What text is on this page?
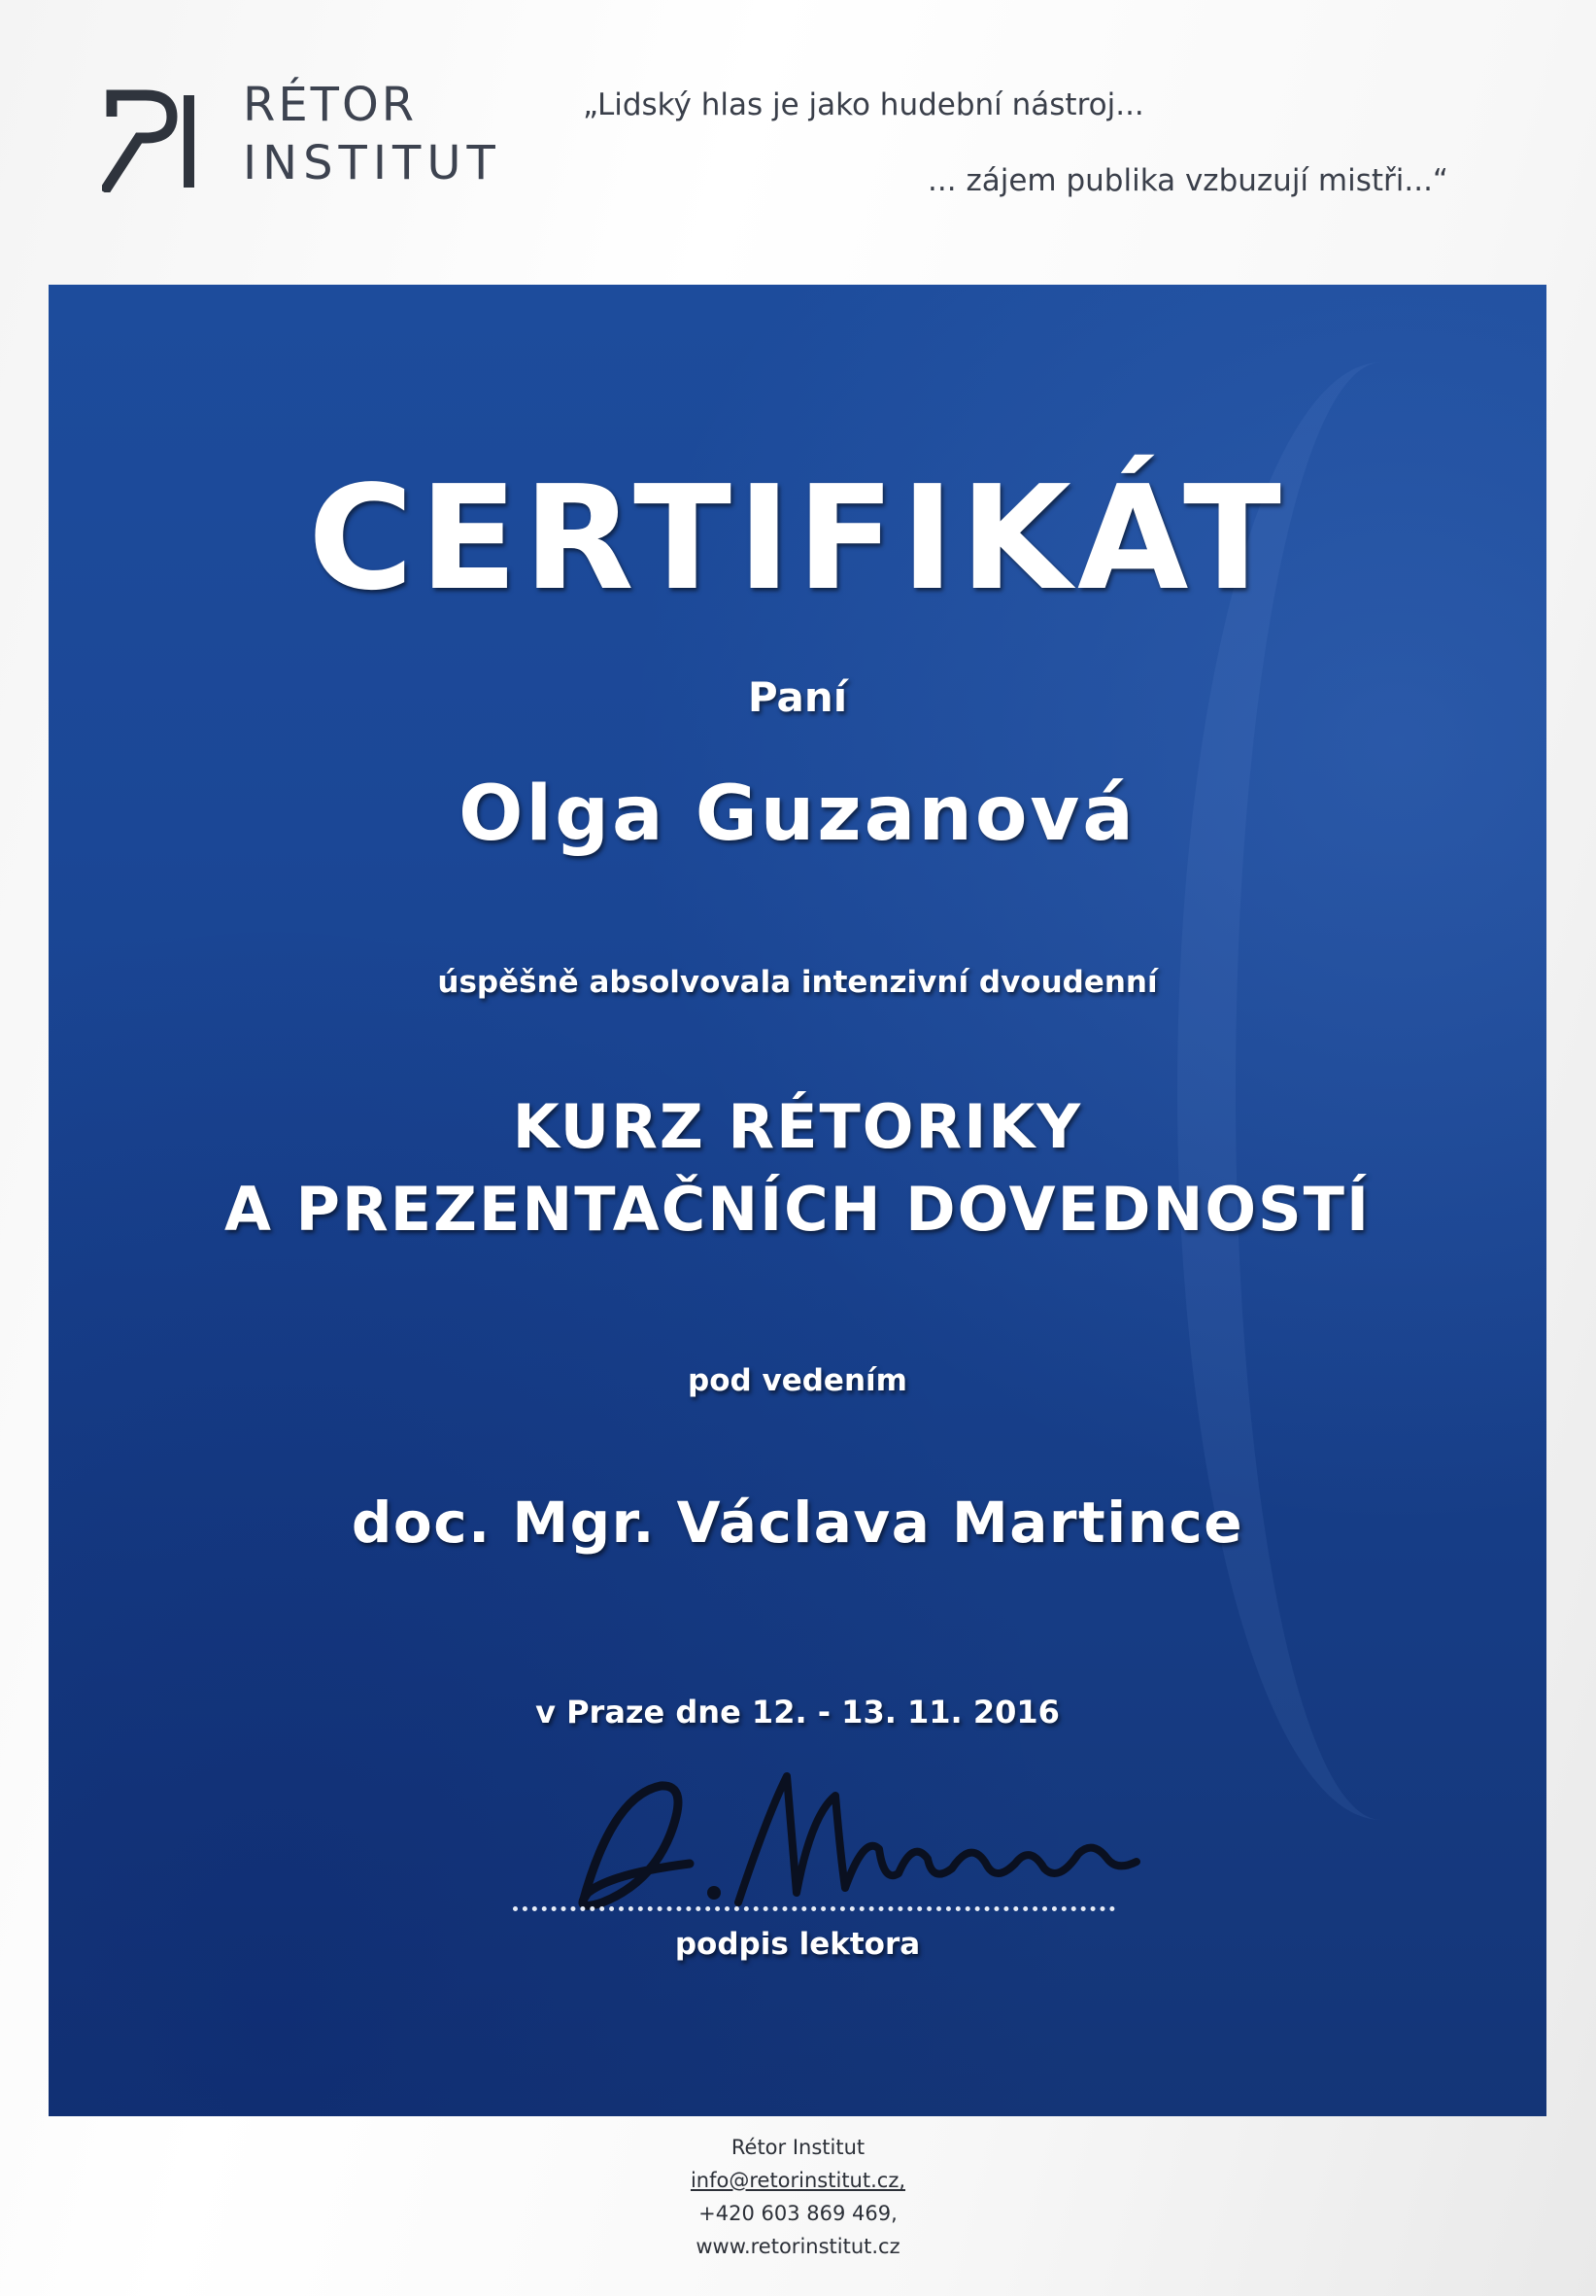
RÉTOR
INSTITUT
„Lidský hlas je jako hudební nástroj...
... zájem publika vzbuzují mistři...“
CERTIFIKÁT
Paní
Olga Guzanová
úspěšně absolvovala intenzivní dvoudenní
KURZ RÉTORIKY
A PREZENTAČNÍCH DOVEDNOSTÍ
pod vedením
doc. Mgr. Václava Martince
v Praze dne 12. - 13. 11. 2016
podpis lektora
Rétor Institut
info@retorinstitut.cz,
+420 603 869 469,
www.retorinstitut.cz
